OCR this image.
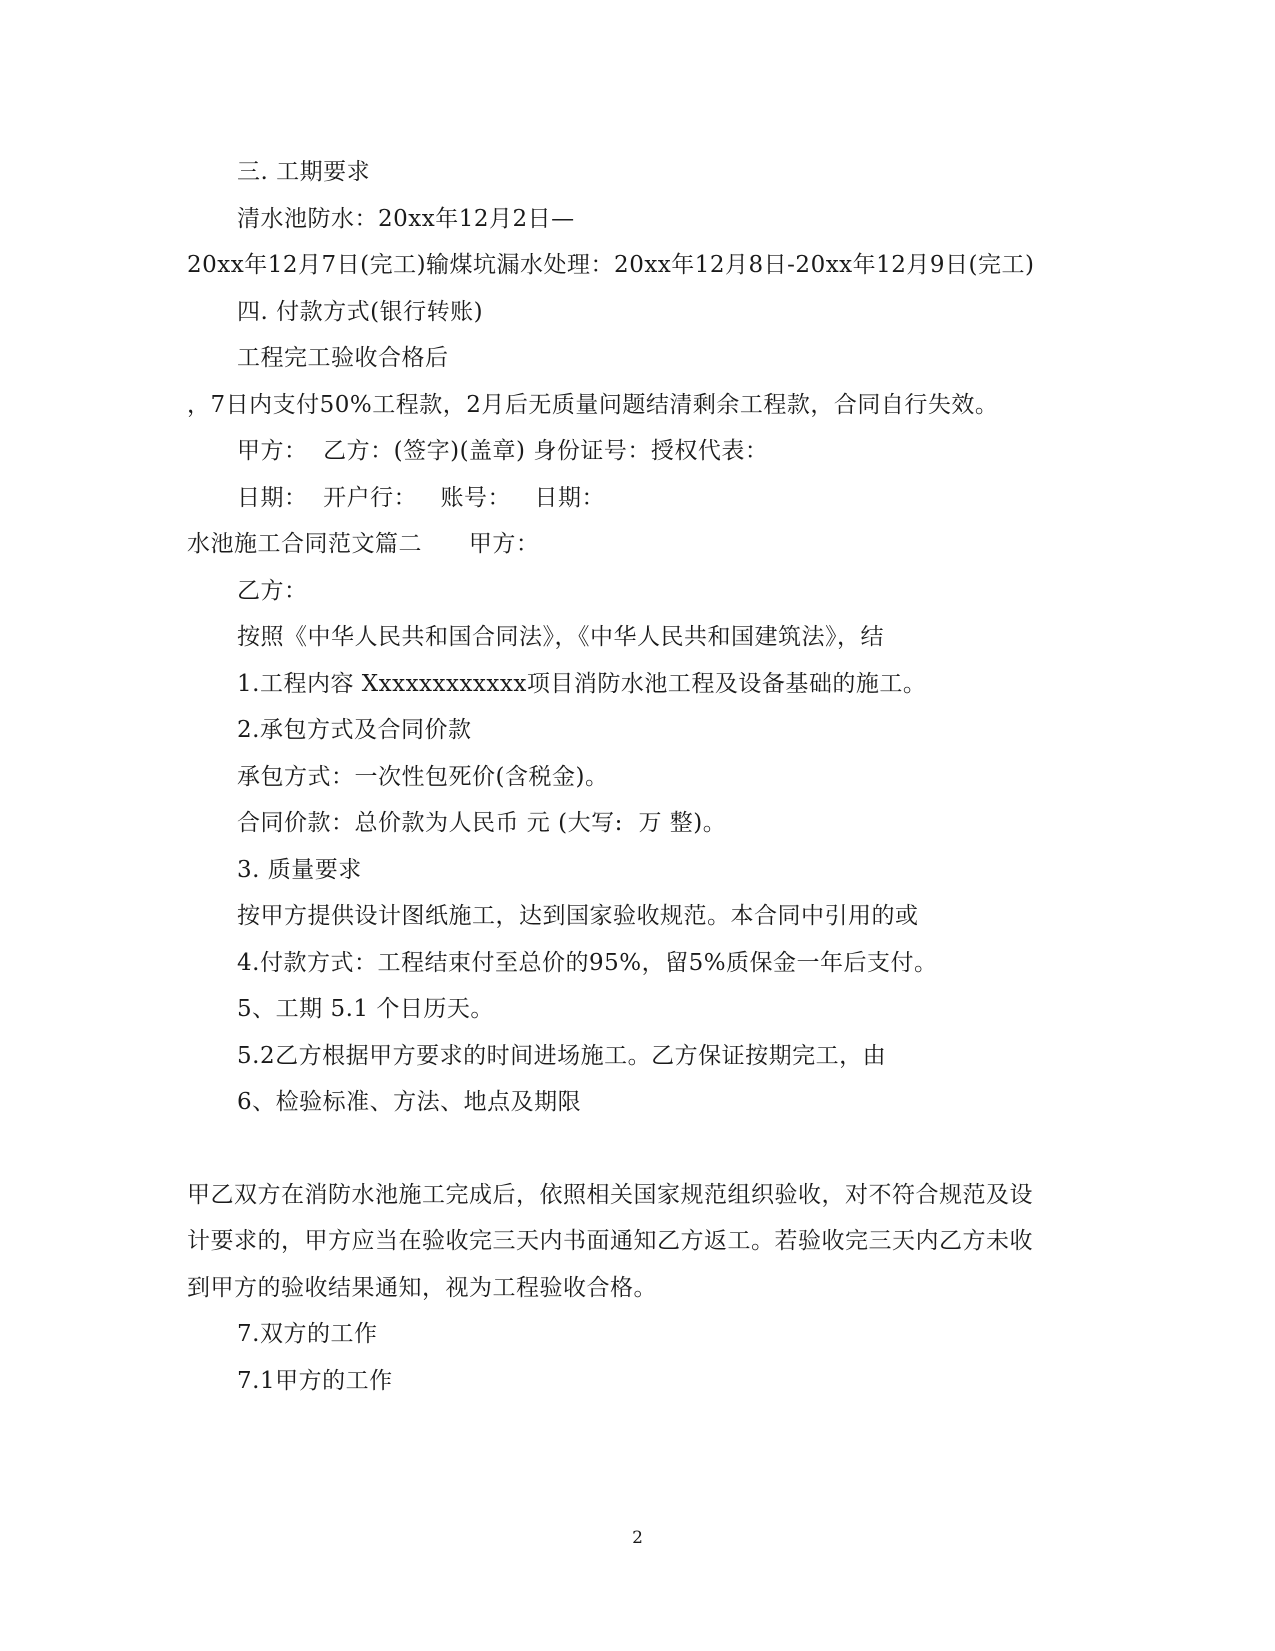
三. 工期要求
清水池防水：20xx年12月2日—
20xx年12月7日(完工)输煤坑漏水处理：20xx年12月8日-20xx年12月9日(完工)
四. 付款方式(银行转账)
工程完工验收合格后
，7日内支付50%工程款，2月后无质量问题结清剩余工程款，合同自行失效。
甲方：  乙方：(签字)(盖章) 身份证号：授权代表：
日期：  开户行：   账号：   日期：
水池施工合同范文篇二      甲方：
乙方：
按照《中华人民共和国合同法》，《中华人民共和国建筑法》，结
1.工程内容 Xxxxxxxxxxxx项目消防水池工程及设备基础的施工。
2.承包方式及合同价款
承包方式：一次性包死价(含税金)。
合同价款：总价款为人民币 元 (大写:  万 整)。
3. 质量要求
按甲方提供设计图纸施工，达到国家验收规范。本合同中引用的或
4.付款方式：工程结束付至总价的95%，留5%质保金一年后支付。
5、工期 5.1 个日历天。
5.2乙方根据甲方要求的时间进场施工。乙方保证按期完工，由
6、检验标准、方法、地点及期限
甲乙双方在消防水池施工完成后，依照相关国家规范组织验收，对不符合规范及设
计要求的，甲方应当在验收完三天内书面通知乙方返工。若验收完三天内乙方未收
到甲方的验收结果通知，视为工程验收合格。
7.双方的工作
7.1甲方的工作
2
